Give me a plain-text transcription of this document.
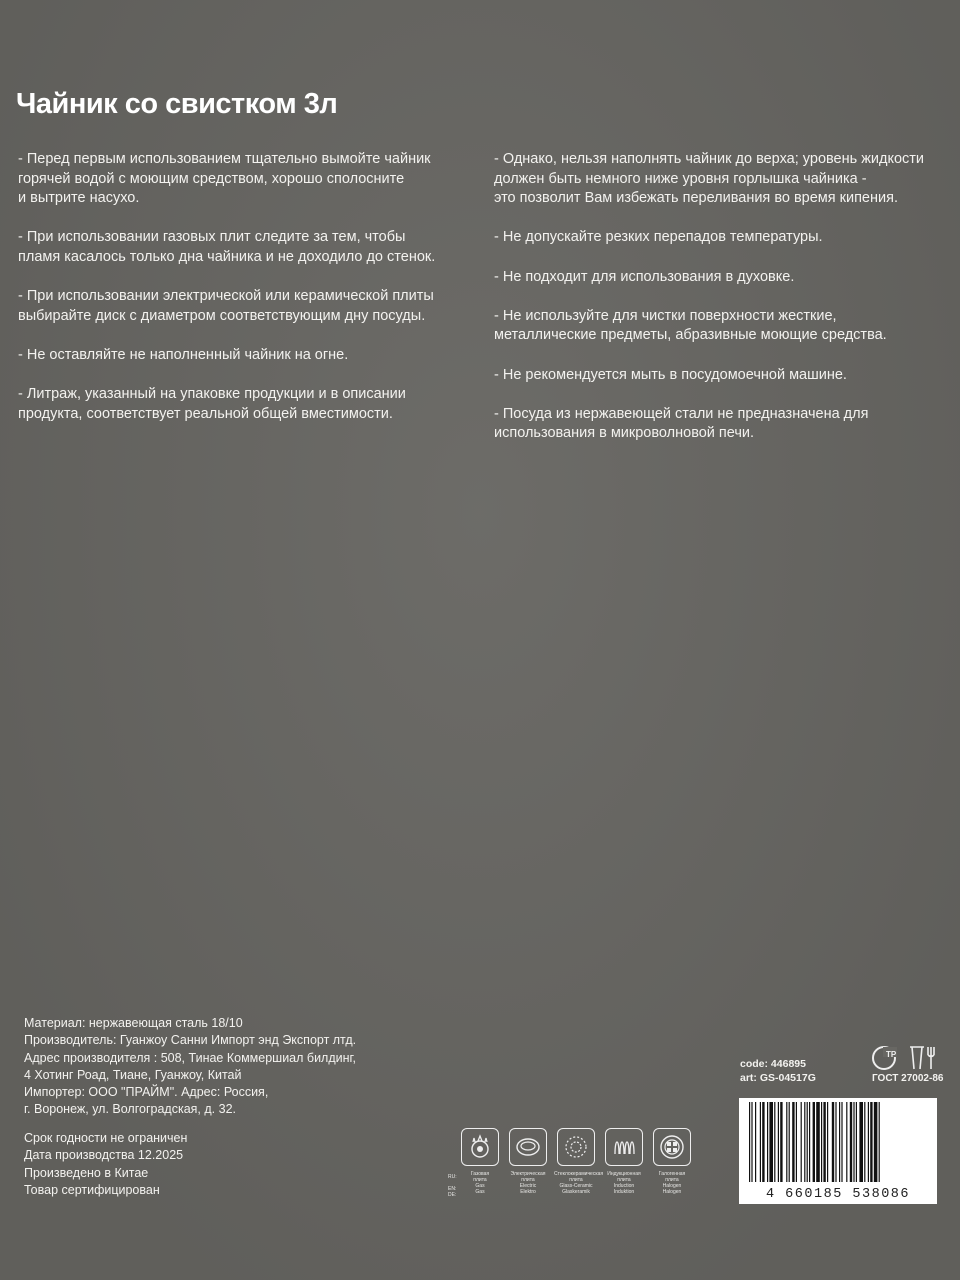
Чайник со свистком 3л

- Перед первым использованием тщательно вымойте чайник
горячей водой с моющим средством, хорошо сполосните
и вытрите насухо.

- При использовании газовых плит следите за тем, чтобы
пламя касалось только дна чайника и не доходило до стенок.

- При использовании электрической или керамической плиты
выбирайте диск с диаметром соответствующим дну посуды.

- Не оставляйте не наполненный чайник на огне.

- Литраж, указанный на упаковке продукции и в описании
продукта, соответствует реальной общей вместимости.

- Однако, нельзя наполнять чайник до верха; уровень жидкости
должен быть немного ниже уровня горлышка чайника -
это позволит Вам избежать переливания во время кипения.

- Не допускайте резких перепадов температуры.

- Не подходит для использования в духовке.

- Не используйте для чистки поверхности жесткие,
металлические предметы, абразивные моющие средства.

- Не рекомендуется мыть в посудомоечной машине.

- Посуда из нержавеющей стали не предназначена для
использования в микроволновой печи.

Материал: нержавеющая сталь 18/10
Производитель: Гуанжоу Санни Импорт энд Экспорт лтд.
Адрес производителя : 508, Тинае Коммершиал билдинг,
4 Хотинг Роад, Тиане, Гуанжоу, Китай
Импортер: ООО "ПРАЙМ". Адрес: Россия,
г. Воронеж, ул. Волгоградская, д. 32.
Срок годности не ограничен
Дата производства 12.2025
Произведено в Китае
Товар сертифицирован
RU:

EN:
DE:
Газовая
плита
Gas
Gas
Электрическая
плита
Electric
Elektro
Стеклокерамическая
плита
Glass-Ceramic
Glaskeramik
Индукционная
плита
Induction
Induktion
Галогенная
плита
Halogen
Halogen
code: 446895
art: GS-04517G
ТР
ГОСТ 27002-86
4 660185 538086
